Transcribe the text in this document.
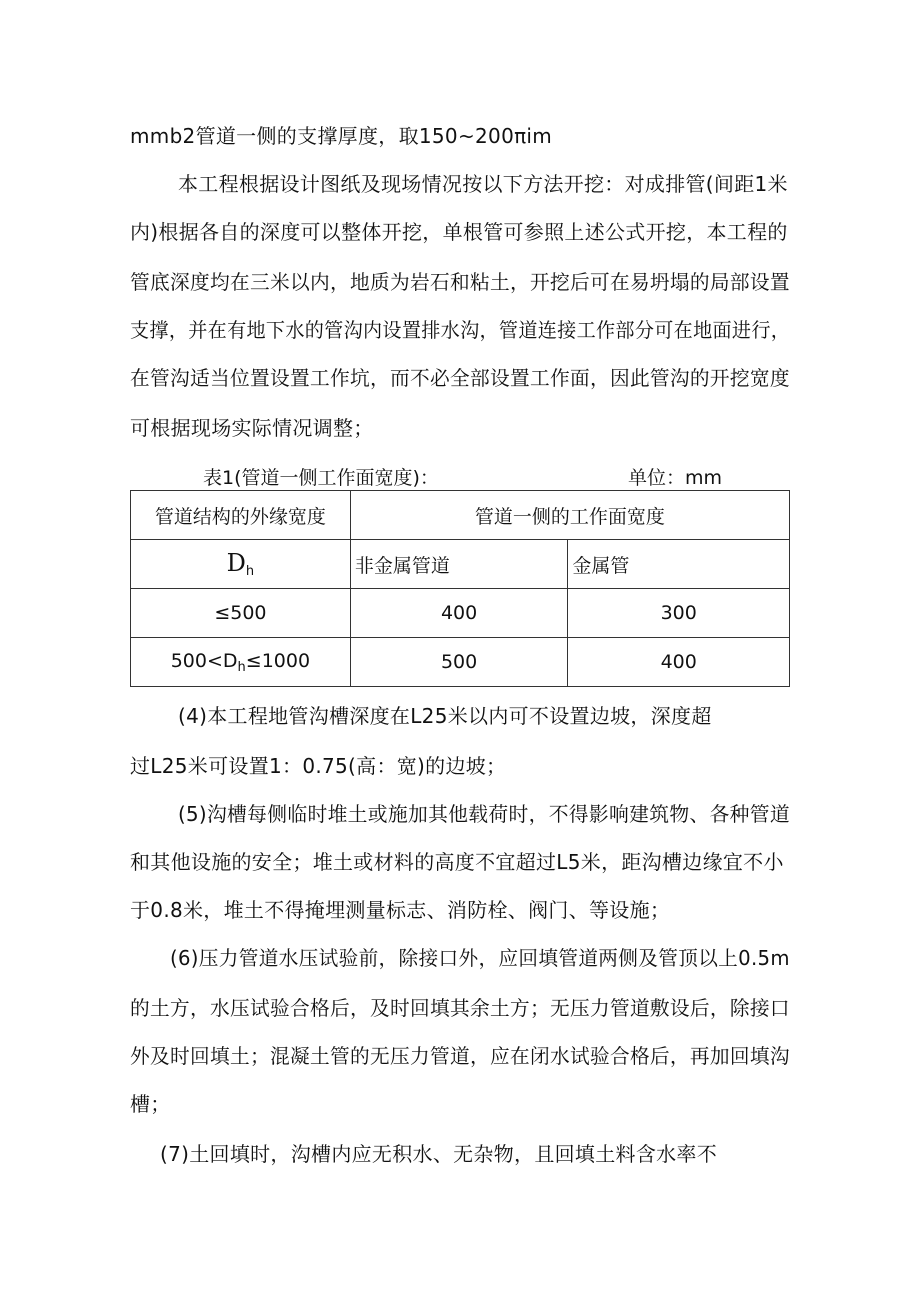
mmb2管道一侧的支撑厚度，取150~200πim
本工程根据设计图纸及现场情况按以下方法开挖：对成排管(间距1米
内)根据各自的深度可以整体开挖，单根管可参照上述公式开挖，本工程的
管底深度均在三米以内，地质为岩石和粘土，开挖后可在易坍塌的局部设置
支撑，并在有地下水的管沟内设置排水沟，管道连接工作部分可在地面进行，
在管沟适当位置设置工作坑，而不必全部设置工作面，因此管沟的开挖宽度
可根据现场实际情况调整；
表1(管道一侧工作面宽度)：	单位：mm
管道结构的外缘宽度	管道一侧的工作面宽度	
$D_h$	非金属管道	金属管
≤500	400	300
$500<D_h\le 1000$	500	400
(4)本工程地管沟槽深度在L25米以内可不设置边坡，深度超
过L25米可设置1：0.75(高：宽)的边坡；
(5)沟槽每侧临时堆土或施加其他载荷时，不得影响建筑物、各种管道
和其他设施的安全；堆土或材料的高度不宜超过L5米，距沟槽边缘宜不小
于0.8米，堆土不得掩埋测量标志、消防栓、阀门、等设施；
(6)压力管道水压试验前，除接口外，应回填管道两侧及管顶以上0.5m
的土方，水压试验合格后，及时回填其余土方；无压力管道敷设后，除接口
外及时回填土；混凝土管的无压力管道，应在闭水试验合格后，再加回填沟
槽；
(7)土回填时，沟槽内应无积水、无杂物，且回填土料含水率不
